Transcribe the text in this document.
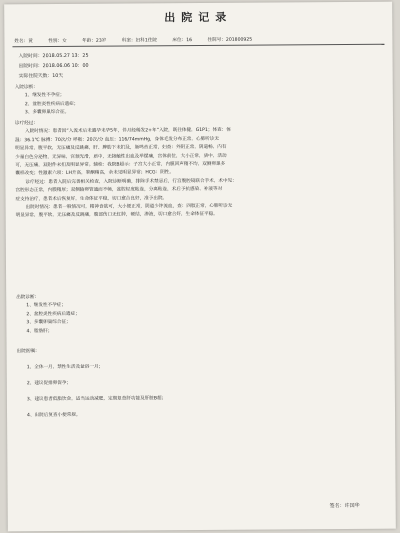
出院记录
姓名：黄	性别：女	年龄：23岁	科室：妇科1住院	床位：16	住院号：201800925
入院时间：2018.05.27 13：25
出院时间：2018.06.06 10：00
实际住院天数：10天
入院诊断：
1、继发性不孕症；
2、盆腔炎性疾病后遗症；
3、多囊卵巢综合征。
诊疗经过：
入院时情况：患者因“入流术后未避孕未孕5年，伴月经稀发2+年”入院，既往体健，G1P1；体查：体
温：36.1℃ 脉搏：70次/分 呼吸：20次/分 血压：116/74mmHg，身体毛发分布正常，心肺听诊无
明显异常，腹平软，无压痛及反跳痛，肝、脾肋下未扪及，肠鸣音正常，妇查：外阴正常，阴道畅，内有
少量白色分泌物，无异味，宫颈光滑，质中，无接触性出血及举摆痛，宫体前位，大小正常，质中，活动
可，无压痛，双附件未扪及明显异常。辅检：我院B超示：子宫大小正常，内膜回声稍不均，双侧卵巢多
囊样改变；性激素六项：LH升高，睾酮稍高，余未见明显异常；HCG：阴性。
诊疗经过：患者入院后完善相关检查，入院诊断明确，排除手术禁忌后，行宫腹腔镜联合手术，术中见：
宫腔形态正常，内膜稍厚；双侧输卵管通而不畅，盆腔轻度粘连，分离粘连，术后予抗感染、补液等对
症支持治疗，患者术后恢复好，生命体征平稳，切口愈合良好，准予出院。
出院时情况：患者一般情况可，精神食欲可，大小便正常，阴道少许流血，查：四肢正常，心肺听诊无
明显异常，腹平软，无压痛及反跳痛，腹部伤口无红肿，硬结，渗液，切口愈合好，生命体征平稳。
出院诊断：
1、继发性不孕症；
2、盆腔炎性疾病后遗症；
3、多囊卵巢综合征；
4、脂肪肝；
出院医嘱：
1、全休一月，禁性生活及盆浴一月；
2、建议促排卵促孕；
3、建议患者低脂饮食，适当运动减肥，定期复查肝功能及肝脏B超；
4、出院后复查小便常规。
签名：许国华
